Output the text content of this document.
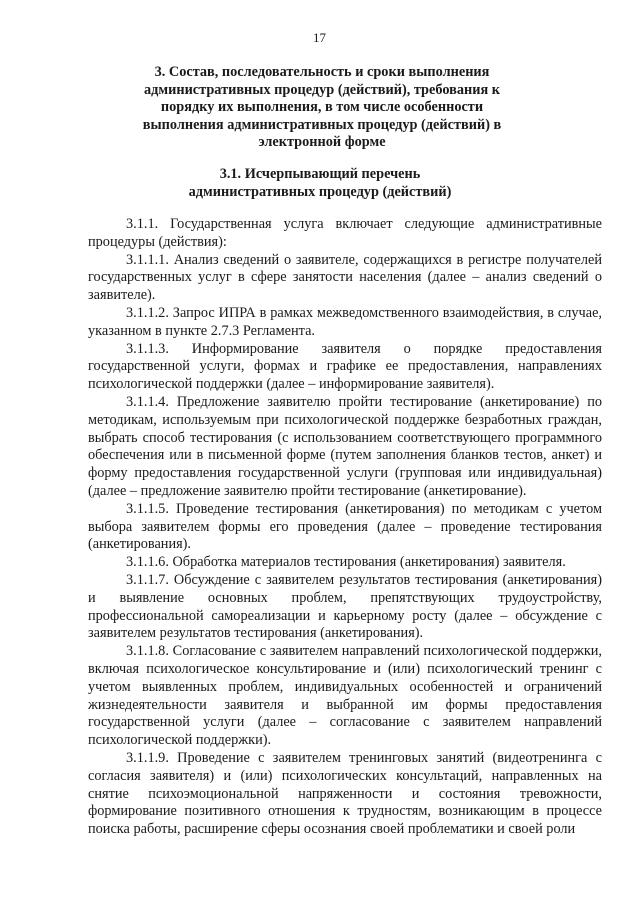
17
3. Состав, последовательность и сроки выполнения административных процедур (действий), требования к порядку их выполнения, в том числе особенности выполнения административных процедур (действий) в электронной форме
3.1. Исчерпывающий перечень административных процедур (действий)

3.1.1. Государственная услуга включает следующие административные процедуры (действия):

3.1.1.1. Анализ сведений о заявителе, содержащихся в регистре получателей государственных услуг в сфере занятости населения (далее – анализ сведений о заявителе).

3.1.1.2. Запрос ИПРА в рамках межведомственного взаимодействия, в случае, указанном в пункте 2.7.3 Регламента.

3.1.1.3. Информирование заявителя о порядке предоставления государственной услуги, формах и графике ее предоставления, направлениях психологической поддержки (далее – информирование заявителя).

3.1.1.4. Предложение заявителю пройти тестирование (анкетирование) по методикам, используемым при психологической поддержке безработных граждан, выбрать способ тестирования (с использованием соответствующего программного обеспечения или в письменной форме (путем заполнения бланков тестов, анкет) и форму предоставления государственной услуги (групповая или индивидуальная) (далее – предложение заявителю пройти тестирование (анкетирование).

3.1.1.5. Проведение тестирования (анкетирования) по методикам с учетом выбора заявителем формы его проведения (далее – проведение тестирования (анкетирования).

3.1.1.6. Обработка материалов тестирования (анкетирования) заявителя.

3.1.1.7. Обсуждение с заявителем результатов тестирования (анкетирования) и выявление основных проблем, препятствующих трудоустройству, профессиональной самореализации и карьерному росту (далее – обсуждение с заявителем результатов тестирования (анкетирования).

3.1.1.8. Согласование с заявителем направлений психологической поддержки, включая психологическое консультирование и (или) психологический тренинг с учетом выявленных проблем, индивидуальных особенностей и ограничений жизнедеятельности заявителя и выбранной им формы предоставления государственной услуги (далее – согласование с заявителем направлений психологической поддержки).

3.1.1.9. Проведение с заявителем тренинговых занятий (видеотренинга с согласия заявителя) и (или) психологических консультаций, направленных на снятие психоэмоциональной напряженности и состояния тревожности, формирование позитивного отношения к трудностям, возникающим в процессе поиска работы, расширение сферы осознания своей проблематики и своей роли
